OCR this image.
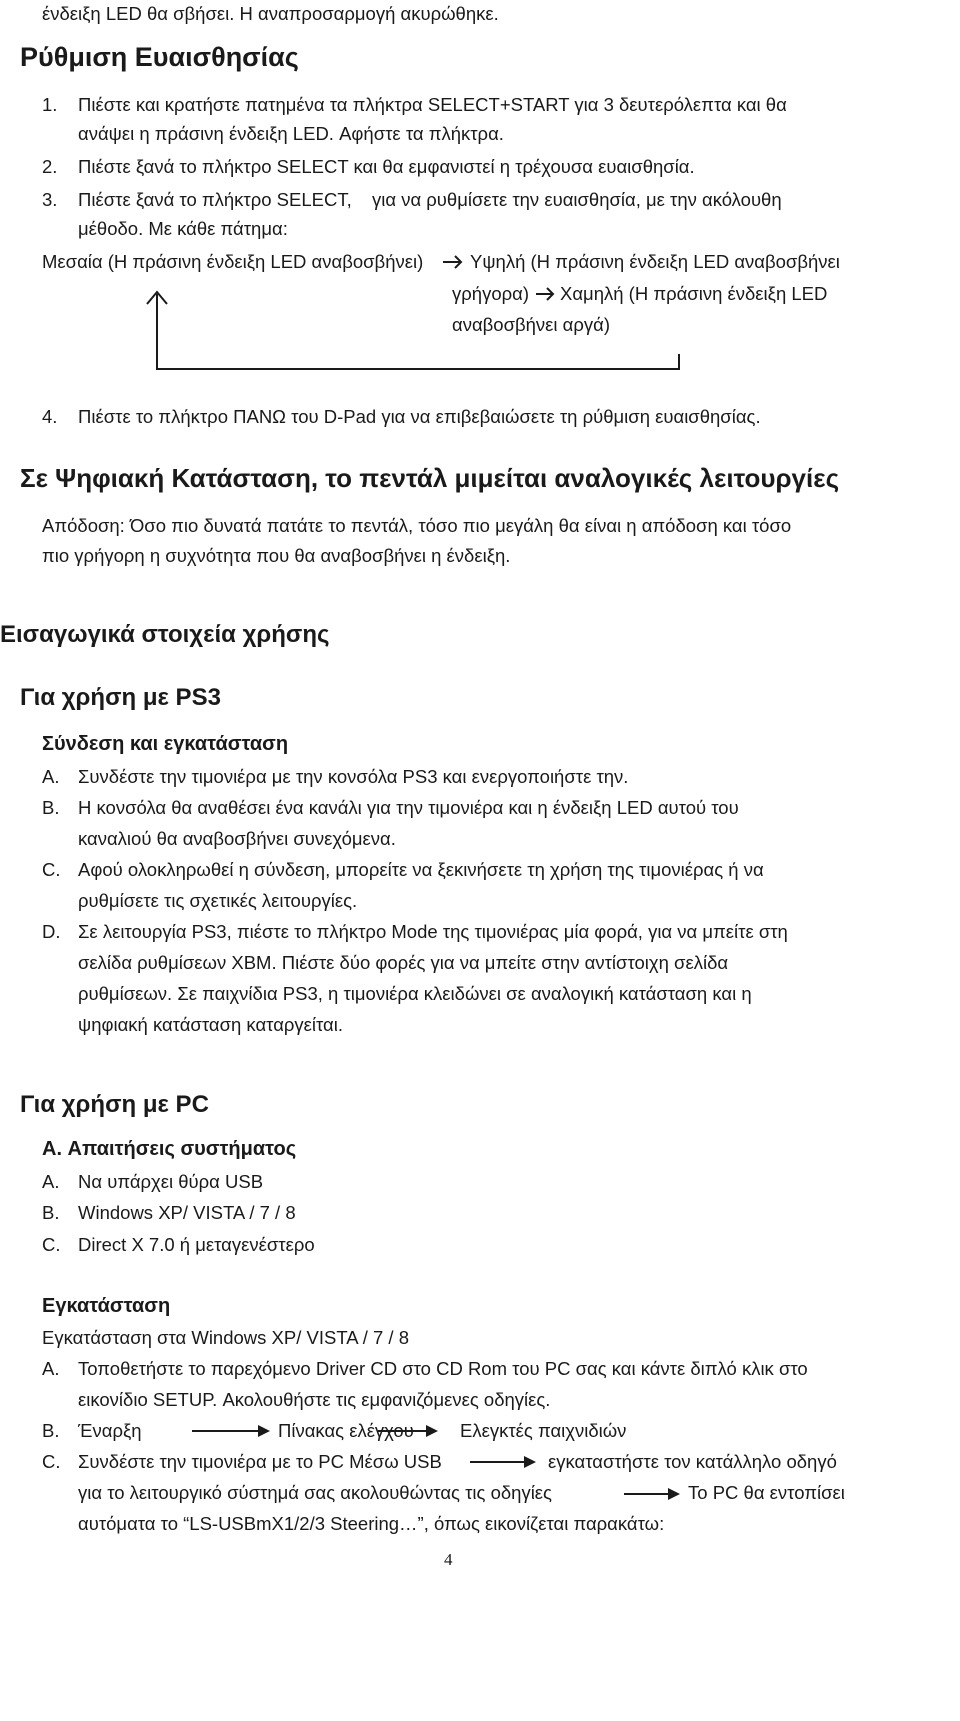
ένδειξη LED θα σβήσει. Η αναπροσαρμογή ακυρώθηκε.
Ρύθμιση Ευαισθησίας
1. Πιέστε και κρατήστε πατημένα τα πλήκτρα SELECT+START για 3 δευτερόλεπτα και θα
ανάψει η πράσινη ένδειξη LED. Αφήστε τα πλήκτρα.
2. Πιέστε ξανά το πλήκτρο SELECT και θα εμφανιστεί η τρέχουσα ευαισθησία.
3. Πιέστε ξανά το πλήκτρο SELECT, για να ρυθμίσετε την ευαισθησία, με την ακόλουθη
μέθοδο. Με κάθε πάτημα:
Μεσαία (Η πράσινη ένδειξη LED αναβοσβήνει)	Υψηλή (Η πράσινη ένδειξη LED αναβοσβήνει
γρήγορα) Χαμηλή (Η πράσινη ένδειξη LED
αναβοσβήνει αργά)
4. Πιέστε το πλήκτρο ΠΑΝΩ του D-Pad για να επιβεβαιώσετε τη ρύθμιση ευαισθησίας.
Σε Ψηφιακή Κατάσταση, το πεντάλ μιμείται αναλογικές λειτουργίες
Απόδοση: Όσο πιο δυνατά πατάτε το πεντάλ, τόσο πιο μεγάλη θα είναι η απόδοση και τόσο
πιο γρήγορη η συχνότητα που θα αναβοσβήνει η ένδειξη.
Εισαγωγικά στοιχεία χρήσης
Για χρήση με PS3
Σύνδεση και εγκατάσταση
A. Συνδέστε την τιμονιέρα με την κονσόλα PS3 και ενεργοποιήστε την.
B. Η κονσόλα θα αναθέσει ένα κανάλι για την τιμονιέρα και η ένδειξη LED αυτού του
καναλιού θα αναβοσβήνει συνεχόμενα.
C. Αφού ολοκληρωθεί η σύνδεση, μπορείτε να ξεκινήσετε τη χρήση της τιμονιέρας ή να
ρυθμίσετε τις σχετικές λειτουργίες.
D. Σε λειτουργία PS3, πιέστε το πλήκτρο Mode της τιμονιέρας μία φορά, για να μπείτε στη
σελίδα ρυθμίσεων XBM. Πιέστε δύο φορές για να μπείτε στην αντίστοιχη σελίδα
ρυθμίσεων. Σε παιχνίδια PS3, η τιμονιέρα κλειδώνει σε αναλογική κατάσταση και η
ψηφιακή κατάσταση καταργείται.
Για χρήση με PC
A. Απαιτήσεις συστήματος
A. Να υπάρχει θύρα USB
B. Windows XP/ VISTA / 7 / 8
C. Direct X 7.0 ή μεταγενέστερο
Εγκατάσταση
Εγκατάσταση στα Windows XP/ VISTA / 7 / 8
A. Τοποθετήστε το παρεχόμενο Driver CD στο CD Rom του PC σας και κάντε διπλό κλικ στο
εικονίδιο SETUP. Ακολουθήστε τις εμφανιζόμενες οδηγίες.
B. Έναρξη	Πίνακας ελέγχου Ελεγκτές παιχνιδιών
C. Συνδέστε την τιμονιέρα με το PC Μέσω USB	εγκαταστήστε τον κατάλληλο οδηγό
για το λειτουργικό σύστημά σας ακολουθώντας τις οδηγίες	Το PC θα εντοπίσει
αυτόματα το “LS-USBmX1/2/3 Steering…”, όπως εικονίζεται παρακάτω:
4
